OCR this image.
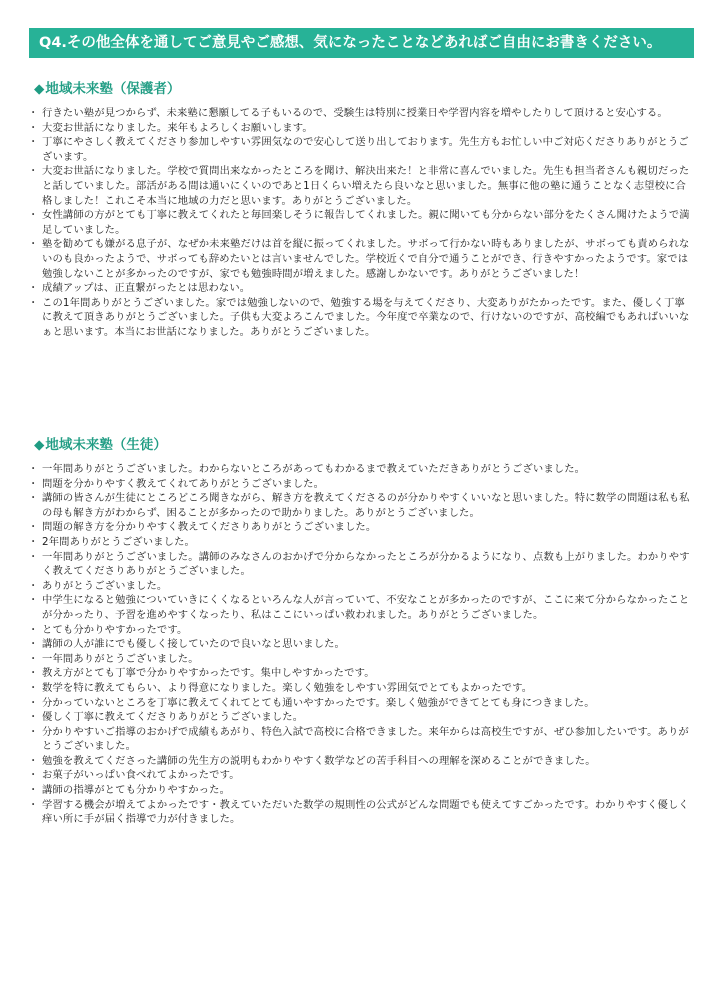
Q4.その他全体を通してご意見やご感想、気になったことなどあればご自由にお書きください。
◆地域未来塾（保護者）
・ 行きたい塾が見つからず、未来塾に懇願してる子もいるので、受験生は特別に授業日や学習内容を増やしたりして頂けると安心する。
・ 大変お世話になりました。来年もよろしくお願いします。
・ 丁寧にやさしく教えてくださり参加しやすい雰囲気なので安心して送り出しております。先生方もお忙しい中ご対応くださりありがとうございます。
・ 大変お世話になりました。学校で質問出来なかったところを聞け、解決出来た！と非常に喜んでいました。先生も担当者さんも親切だったと話していました。部活がある間は通いにくいのであと1日くらい増えたら良いなと思いました。無事に他の塾に通うことなく志望校に合格しました！これこそ本当に地域の力だと思います。ありがとうございました。
・ 女性講師の方がとても丁寧に教えてくれたと毎回楽しそうに報告してくれました。親に聞いても分からない部分をたくさん聞けたようで満足していました。
・ 塾を勧めても嫌がる息子が、なぜか未来塾だけは首を縦に振ってくれました。サボって行かない時もありましたが、サボっても責められないのも良かったようで、サボっても辞めたいとは言いませんでした。学校近くで自分で通うことができ、行きやすかったようです。家では勉強しないことが多かったのですが、家でも勉強時間が増えました。感謝しかないです。ありがとうございました！
・ 成績アップは、正直繋がったとは思わない。
・ この1年間ありがとうございました。家では勉強しないので、勉強する場を与えてくださり、大変ありがたかったです。また、優しく丁寧に教えて頂きありがとうございました。子供も大変よろこんでました。今年度で卒業なので、行けないのですが、高校編でもあればいいなぁと思います。本当にお世話になりました。ありがとうございました。
◆地域未来塾（生徒）
・ 一年間ありがとうございました。わからないところがあってもわかるまで教えていただきありがとうございました。
・ 問題を分かりやすく教えてくれてありがとうございました。
・ 講師の皆さんが生徒にところどころ聞きながら、解き方を教えてくださるのが分かりやすくいいなと思いました。特に数学の問題は私も私の母も解き方がわからず、困ることが多かったので助かりました。ありがとうございました。
・ 問題の解き方を分かりやすく教えてくださりありがとうございました。
・ 2年間ありがとうございました。
・ 一年間ありがとうございました。講師のみなさんのおかげで分からなかったところが分かるようになり、点数も上がりました。わかりやすく教えてくださりありがとうございました。
・ ありがとうございました。
・ 中学生になると勉強についていきにくくなるといろんな人が言っていて、不安なことが多かったのですが、ここに来て分からなかったことが分かったり、予習を進めやすくなったり、私はここにいっぱい救われました。ありがとうございました。
・ とても分かりやすかったです。
・ 講師の人が誰にでも優しく接していたので良いなと思いました。
・ 一年間ありがとうございました。
・ 教え方がとても丁寧で分かりやすかったです。集中しやすかったです。
・ 数学を特に教えてもらい、より得意になりました。楽しく勉強をしやすい雰囲気でとてもよかったです。
・ 分かっていないところを丁寧に教えてくれてとても通いやすかったです。楽しく勉強ができてとても身につきました。
・ 優しく丁寧に教えてくださりありがとうございました。
・ 分かりやすいご指導のおかげで成績もあがり、特色入試で高校に合格できました。来年からは高校生ですが、ぜひ参加したいです。ありがとうございました。
・ 勉強を教えてくださった講師の先生方の説明もわかりやすく数学などの苦手科目への理解を深めることができました。
・ お菓子がいっぱい食べれてよかったです。
・ 講師の指導がとても分かりやすかった。
・ 学習する機会が増えてよかったです・教えていただいた数学の規則性の公式がどんな問題でも使えてすごかったです。わかりやすく優しく痒い所に手が届く指導で力が付きました。
